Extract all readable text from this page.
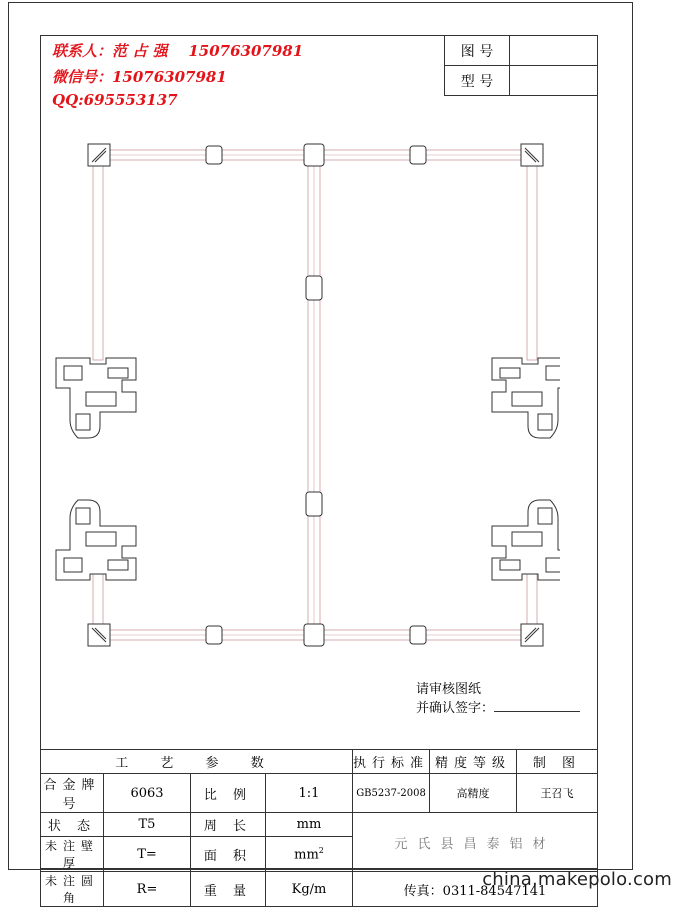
联系人：范 占 强    15076307981
微信号：15076307981
QQ:695553137
图 号	
型 号	
请审核图纸
并确认签字：
工 艺 参 数				执行标准	精度等级	制 图
合金牌号	6063	比 例	1:1	GB5237-2008	高精度	王召飞
状 态	T5	周 长	mm	元氏县昌泰铝材		
未注壁厚	T=	面 积	$mm^2$
未注圆角	R=	重 量	Kg/m	传真：0311-84547141		
china.makepolo.com
